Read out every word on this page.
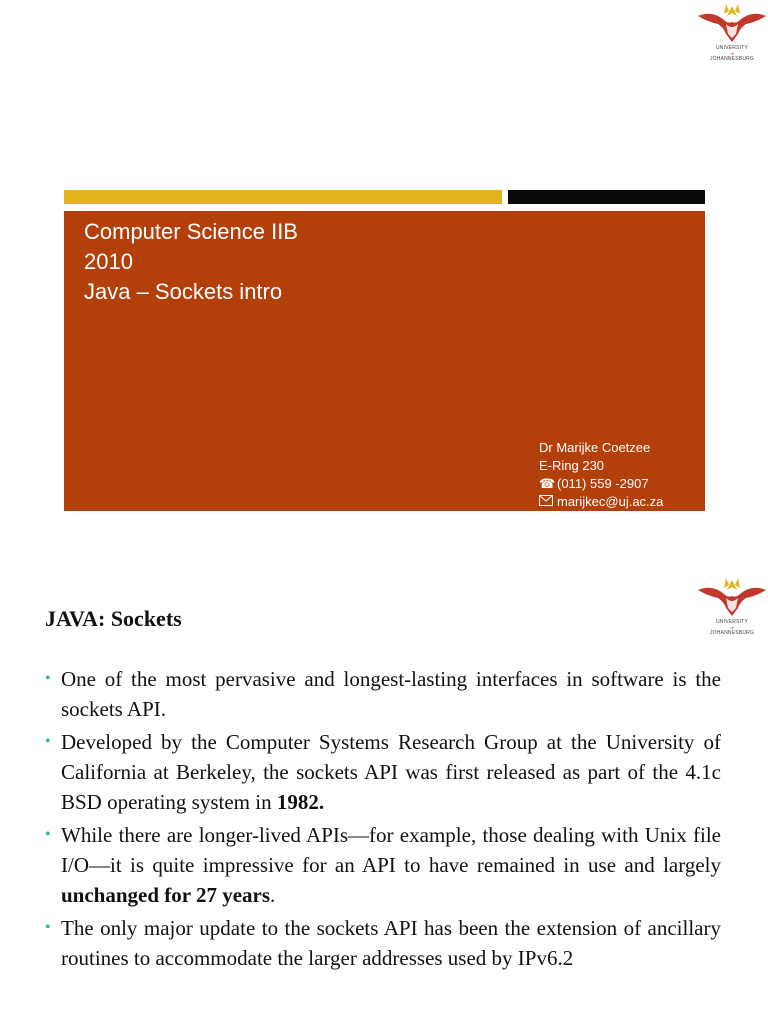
UNIVERSITY
of
JOHANNESBURG
Computer Science IIB
2010
Java – Sockets intro
Dr Marijke Coetzee
E-Ring 230
☎ (011) 559 -2907
marijkec@uj.ac.za
UNIVERSITY
of
JOHANNESBURG
JAVA: Sockets
• One of the most pervasive and longest-lasting interfaces in software is the sockets API.
• Developed by the Computer Systems Research Group at the University of California at Berkeley, the sockets API was first released as part of the 4.1c BSD operating system in 1982.
• While there are longer-lived APIs—for example, those dealing with Unix file I/O—it is quite impressive for an API to have remained in use and largely unchanged for 27 years.
• The only major update to the sockets API has been the extension of ancillary routines to accommodate the larger addresses used by IPv6.2
